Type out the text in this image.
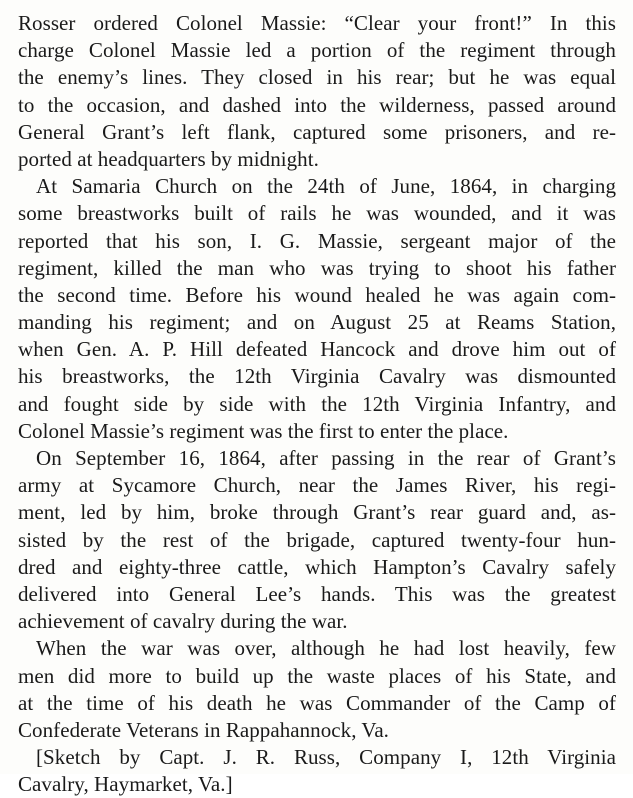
Rosser ordered Colonel Massie: “Clear your front!” In this
charge Colonel Massie led a portion of the regiment through
the enemy’s lines. They closed in his rear; but he was equal
to the occasion, and dashed into the wilderness, passed around
General Grant’s left flank, captured some prisoners, and re-
ported at headquarters by midnight.
At Samaria Church on the 24th of June, 1864, in charging
some breastworks built of rails he was wounded, and it was
reported that his son, I. G. Massie, sergeant major of the
regiment, killed the man who was trying to shoot his father
the second time. Before his wound healed he was again com-
manding his regiment; and on August 25 at Reams Station,
when Gen. A. P. Hill defeated Hancock and drove him out of
his breastworks, the 12th Virginia Cavalry was dismounted
and fought side by side with the 12th Virginia Infantry, and
Colonel Massie’s regiment was the first to enter the place.
On September 16, 1864, after passing in the rear of Grant’s
army at Sycamore Church, near the James River, his regi-
ment, led by him, broke through Grant’s rear guard and, as-
sisted by the rest of the brigade, captured twenty-four hun-
dred and eighty-three cattle, which Hampton’s Cavalry safely
delivered into General Lee’s hands. This was the greatest
achievement of cavalry during the war.
When the war was over, although he had lost heavily, few
men did more to build up the waste places of his State, and
at the time of his death he was Commander of the Camp of
Confederate Veterans in Rappahannock, Va.
[Sketch by Capt. J. R. Russ, Company I, 12th Virginia
Cavalry, Haymarket, Va.]
